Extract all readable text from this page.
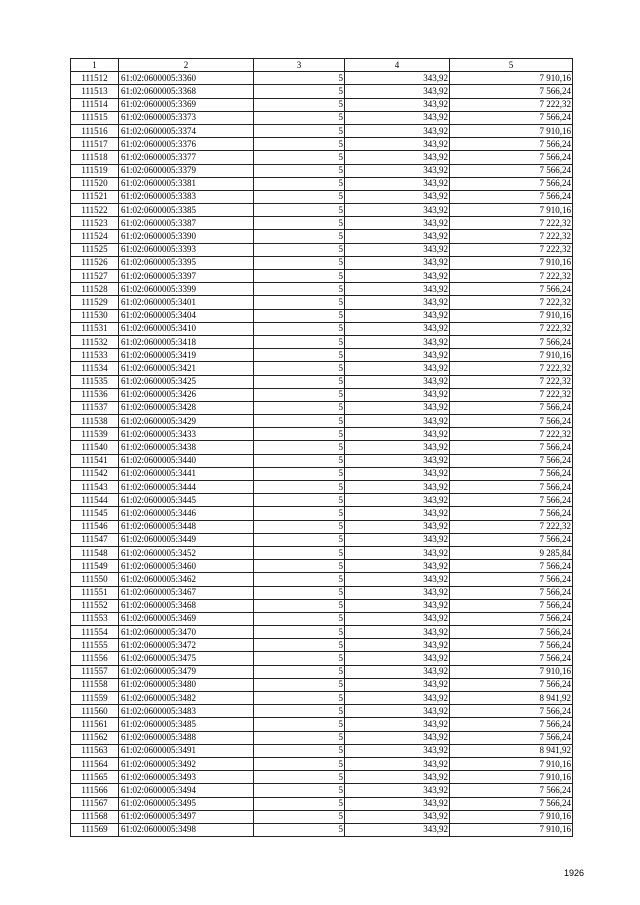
1	2	3	4	5
111512	61:02:0600005:3360	5	343,92	7 910,16
111513	61:02:0600005:3368	5	343,92	7 566,24
111514	61:02:0600005:3369	5	343,92	7 222,32
111515	61:02:0600005:3373	5	343,92	7 566,24
111516	61:02:0600005:3374	5	343,92	7 910,16
111517	61:02:0600005:3376	5	343,92	7 566,24
111518	61:02:0600005:3377	5	343,92	7 566,24
111519	61:02:0600005:3379	5	343,92	7 566,24
111520	61:02:0600005:3381	5	343,92	7 566,24
111521	61:02:0600005:3383	5	343,92	7 566,24
111522	61:02:0600005:3385	5	343,92	7 910,16
111523	61:02:0600005:3387	5	343,92	7 222,32
111524	61:02:0600005:3390	5	343,92	7 222,32
111525	61:02:0600005:3393	5	343,92	7 222,32
111526	61:02:0600005:3395	5	343,92	7 910,16
111527	61:02:0600005:3397	5	343,92	7 222,32
111528	61:02:0600005:3399	5	343,92	7 566,24
111529	61:02:0600005:3401	5	343,92	7 222,32
111530	61:02:0600005:3404	5	343,92	7 910,16
111531	61:02:0600005:3410	5	343,92	7 222,32
111532	61:02:0600005:3418	5	343,92	7 566,24
111533	61:02:0600005:3419	5	343,92	7 910,16
111534	61:02:0600005:3421	5	343,92	7 222,32
111535	61:02:0600005:3425	5	343,92	7 222,32
111536	61:02:0600005:3426	5	343,92	7 222,32
111537	61:02:0600005:3428	5	343,92	7 566,24
111538	61:02:0600005:3429	5	343,92	7 566,24
111539	61:02:0600005:3433	5	343,92	7 222,32
111540	61:02:0600005:3438	5	343,92	7 566,24
111541	61:02:0600005:3440	5	343,92	7 566,24
111542	61:02:0600005:3441	5	343,92	7 566,24
111543	61:02:0600005:3444	5	343,92	7 566,24
111544	61:02:0600005:3445	5	343,92	7 566,24
111545	61:02:0600005:3446	5	343,92	7 566,24
111546	61:02:0600005:3448	5	343,92	7 222,32
111547	61:02:0600005:3449	5	343,92	7 566,24
111548	61:02:0600005:3452	5	343,92	9 285,84
111549	61:02:0600005:3460	5	343,92	7 566,24
111550	61:02:0600005:3462	5	343,92	7 566,24
111551	61:02:0600005:3467	5	343,92	7 566,24
111552	61:02:0600005:3468	5	343,92	7 566,24
111553	61:02:0600005:3469	5	343,92	7 566,24
111554	61:02:0600005:3470	5	343,92	7 566,24
111555	61:02:0600005:3472	5	343,92	7 566,24
111556	61:02:0600005:3475	5	343,92	7 566,24
111557	61:02:0600005:3479	5	343,92	7 910,16
111558	61:02:0600005:3480	5	343,92	7 566,24
111559	61:02:0600005:3482	5	343,92	8 941,92
111560	61:02:0600005:3483	5	343,92	7 566,24
111561	61:02:0600005:3485	5	343,92	7 566,24
111562	61:02:0600005:3488	5	343,92	7 566,24
111563	61:02:0600005:3491	5	343,92	8 941,92
111564	61:02:0600005:3492	5	343,92	7 910,16
111565	61:02:0600005:3493	5	343,92	7 910,16
111566	61:02:0600005:3494	5	343,92	7 566,24
111567	61:02:0600005:3495	5	343,92	7 566,24
111568	61:02:0600005:3497	5	343,92	7 910,16
111569	61:02:0600005:3498	5	343,92	7 910,16
1926
